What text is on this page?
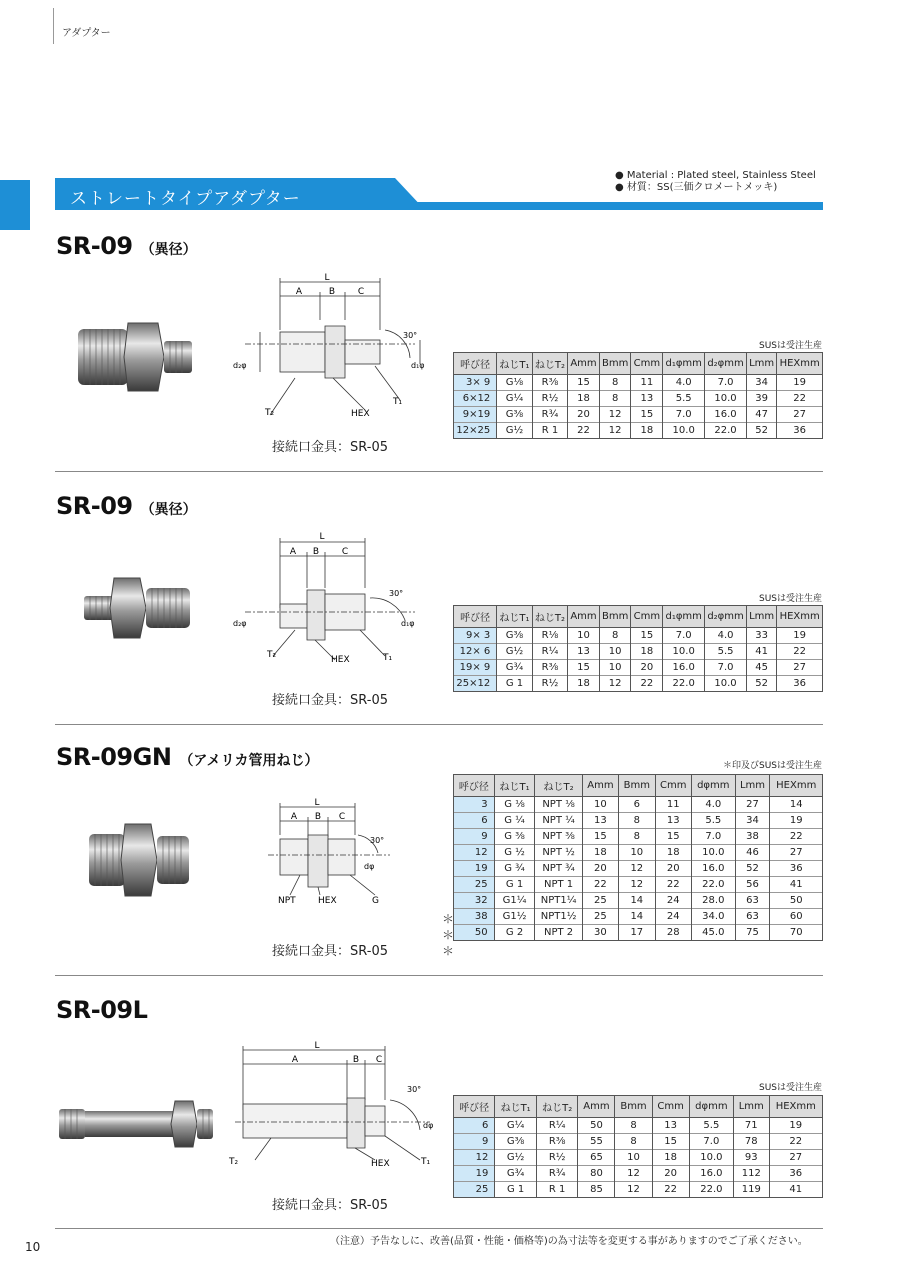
アダプター
ストレートタイプアダプター
● Material : Plated steel, Stainless Steel
● 材質：SS(三価クロメートメッキ)
SR-09 （異径）
L
A	B	C
30°
d₂φ	d₁φ
T₁
T₂	HEX
接続口金具：SR-05
SUSは受注生産
呼び径	ねじT₁	ねじT₂	Amm	Bmm	Cmm	d₁φmm	d₂φmm	Lmm	HEXmm
3× 9	G⅛	R⅜	15	8	11	4.0	7.0	34	19
6×12	G¼	R½	18	8	13	5.5	10.0	39	22
9×19	G⅜	R¾	20	12	15	7.0	16.0	47	27
12×25	G½	R 1	22	12	18	10.0	22.0	52	36
SR-09 （異径）
L
A B	C
30°
d₂φ	d₁φ
T₁
T₂	HEX
接続口金具：SR-05
SUSは受注生産
呼び径	ねじT₁	ねじT₂	Amm	Bmm	Cmm	d₁φmm	d₂φmm	Lmm	HEXmm
9× 3	G⅜	R⅛	10	8	15	7.0	4.0	33	19
12× 6	G½	R¼	13	10	18	10.0	5.5	41	22
19× 9	G¾	R⅜	15	10	20	16.0	7.0	45	27
25×12	G 1	R½	18	12	22	22.0	10.0	52	36
SR-09GN （アメリカ管用ねじ）
L
A B C
30°
dφ
NPT HEX	G
接続口金具：SR-05
＊印及びSUSは受注生産
呼び径	ねじT₁	ねじT₂	Amm	Bmm	Cmm	dφmm	Lmm	HEXmm
3	G ⅛	NPT ⅛	10	6	11	4.0	27	14
6	G ¼	NPT ¼	13	8	13	5.5	34	19
9	G ⅜	NPT ⅜	15	8	15	7.0	38	22
12	G ½	NPT ½	18	10	18	10.0	46	27
19	G ¾	NPT ¾	20	12	20	16.0	52	36
25	G 1	NPT 1	22	12	22	22.0	56	41
32	G1¼	NPT1¼	25	14	24	28.0	63	50
38	G1½	NPT1½	25	14	24	34.0	63	60
50	G 2	NPT 2	30	17	28	45.0	75	70
＊
＊
＊
SR-09L
L
A	B C
30°
dφ
T₁
T₂	HEX
接続口金具：SR-05
SUSは受注生産
呼び径	ねじT₁	ねじT₂	Amm	Bmm	Cmm	dφmm	Lmm	HEXmm
6	G¼	R¼	50	8	13	5.5	71	19
9	G⅜	R⅜	55	8	15	7.0	78	22
12	G½	R½	65	10	18	10.0	93	27
19	G¾	R¾	80	12	20	16.0	112	36
25	G 1	R 1	85	12	22	22.0	119	41
（注意）予告なしに、改善(品質・性能・価格等)の為寸法等を変更する事がありますのでご了承ください。
10
